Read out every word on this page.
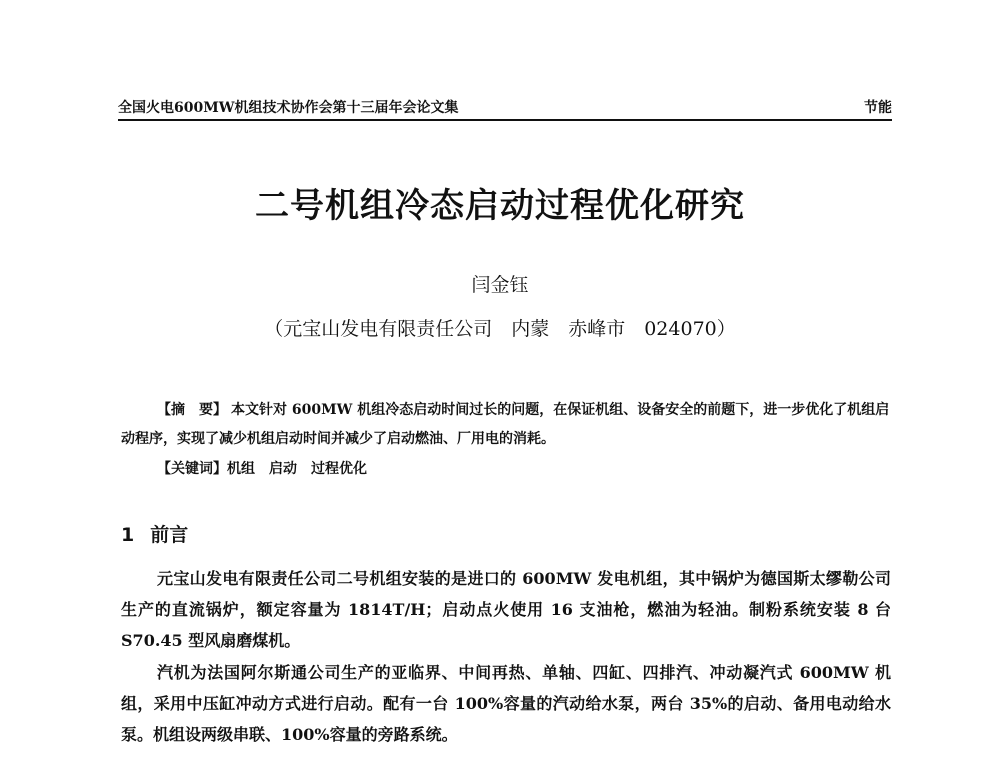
全国火电600MW机组技术协作会第十三届年会论文集	节能
二号机组冷态启动过程优化研究
闫金钰
（元宝山发电有限责任公司　内蒙　赤峰市　024070）
【摘　要】 本文针对 600MW 机组冷态启动时间过长的问题，在保证机组、设备安全的前题下，进一步优化了机组启动程序，实现了减少机组启动时间并减少了启动燃油、厂用电的消耗。
【关键词】机组　启动　过程优化
1 前言
元宝山发电有限责任公司二号机组安装的是进口的 600MW 发电机组，其中锅炉为德国斯太缪勒公司生产的直流锅炉，额定容量为 1814T/H；启动点火使用 16 支油枪，燃油为轻油。制粉系统安装 8 台 S70.45 型风扇磨煤机。
汽机为法国阿尔斯通公司生产的亚临界、中间再热、单轴、四缸、四排汽、冲动凝汽式 600MW 机组，采用中压缸冲动方式进行启动。配有一台 100%容量的汽动给水泵，两台 35%的启动、备用电动给水泵。机组设两级串联、100%容量的旁路系统。
